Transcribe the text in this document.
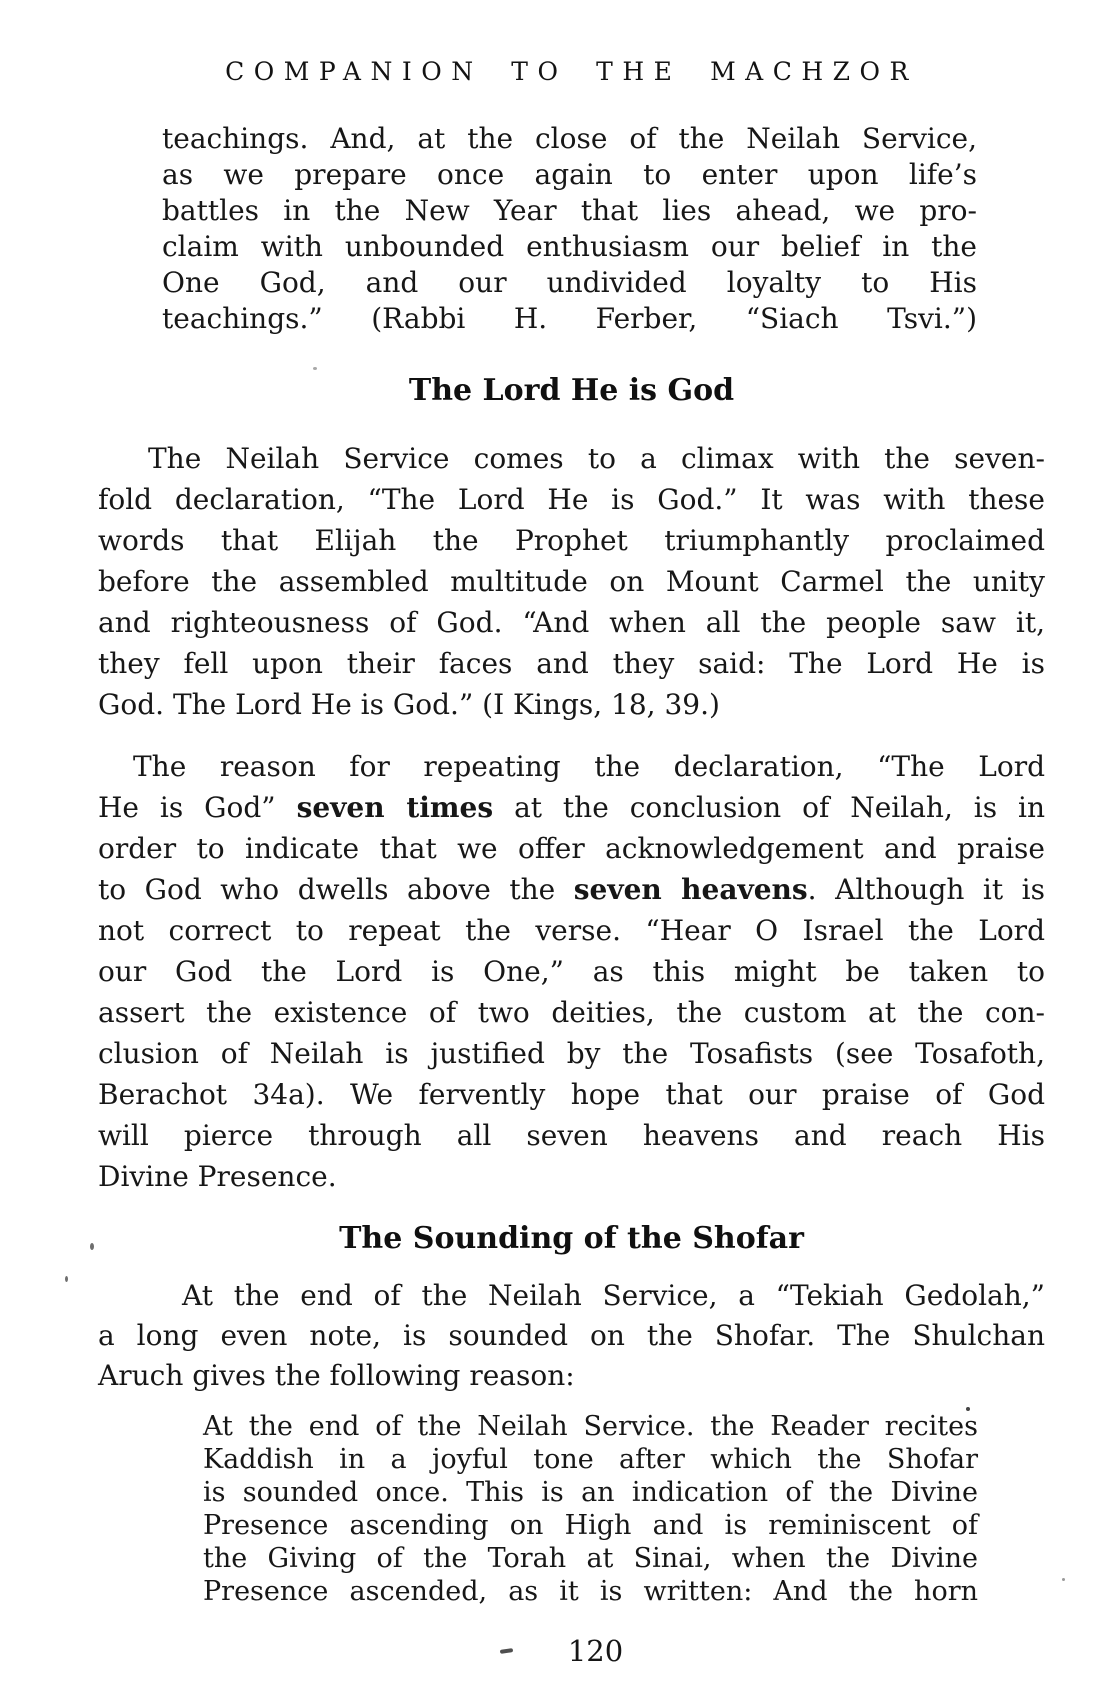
COMPANION TO THE MACHZOR
teachings. And, at the close of the Neilah Service,
as we prepare once again to enter upon life’s
battles in the New Year that lies ahead, we pro-
claim with unbounded enthusiasm our belief in the
One God, and our undivided loyalty to His
teachings.” (Rabbi H. Ferber, “Siach Tsvi.”)
The Lord He is God
The Neilah Service comes to a climax with the seven-
fold declaration, “The Lord He is God.” It was with these
words that Elijah the Prophet triumphantly proclaimed
before the assembled multitude on Mount Carmel the unity
and righteousness of God. “And when all the people saw it,
they fell upon their faces and they said: The Lord He is
God. The Lord He is God.” (I Kings, 18, 39.)
The reason for repeating the declaration, “The Lord
He is God” seven times at the conclusion of Neilah, is in
order to indicate that we offer acknowledgement and praise
to God who dwells above the seven heavens. Although it is
not correct to repeat the verse. “Hear O Israel the Lord
our God the Lord is One,” as this might be taken to
assert the existence of two deities, the custom at the con-
clusion of Neilah is justified by the Tosafists (see Tosafoth,
Berachot 34a). We fervently hope that our praise of God
will pierce through all seven heavens and reach His
Divine Presence.
The Sounding of the Shofar
At the end of the Neilah Service, a “Tekiah Gedolah,”
a long even note, is sounded on the Shofar. The Shulchan
Aruch gives the following reason:
At the end of the Neilah Service. the Reader recites
Kaddish in a joyful tone after which the Shofar
is sounded once. This is an indication of the Divine
Presence ascending on High and is reminiscent of
the Giving of the Torah at Sinai, when the Divine
Presence ascended, as it is written: And the horn
120
